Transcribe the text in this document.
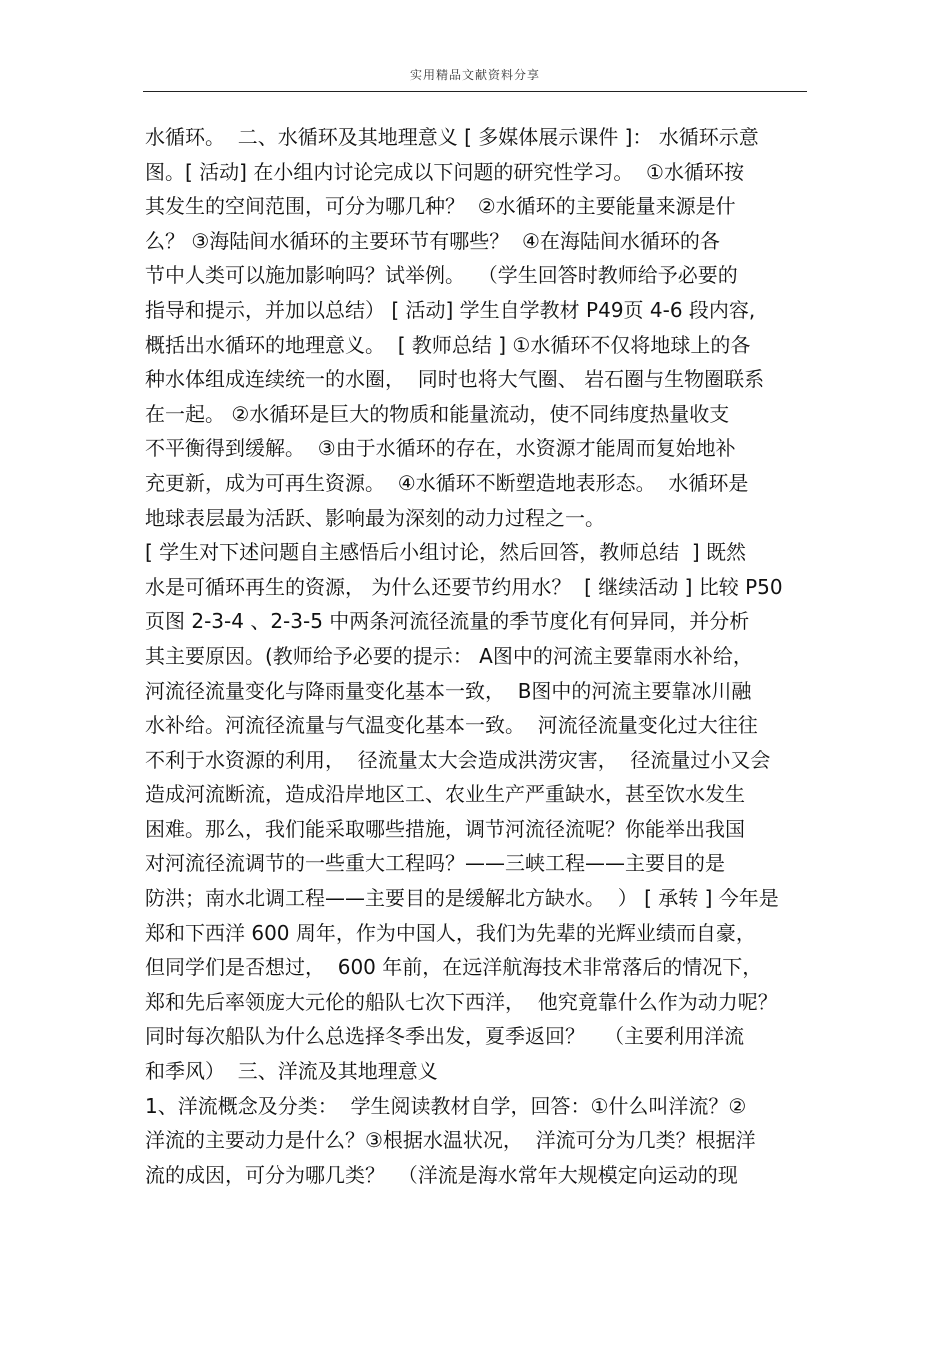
实用精品文献资料分享
水循环。  二、水循环及其地理意义 [ 多媒体展示课件 ]： 水循环示意
图。[ 活动] 在小组内讨论完成以下问题的研究性学习。  ①水循环按
其发生的空间范围，可分为哪几种？  ②水循环的主要能量来源是什
么？ ③海陆间水循环的主要环节有哪些？  ④在海陆间水循环的各
节中人类可以施加影响吗？试举例。  （学生回答时教师给予必要的
指导和提示，并加以总结） [ 活动] 学生自学教材 P49页 4-6 段内容,
概括出水循环的地理意义。  [ 教师总结 ] ①水循环不仅将地球上的各
种水体组成连续统一的水圈，  同时也将大气圈、 岩石圈与生物圈联系
在一起。 ②水循环是巨大的物质和能量流动，使不同纬度热量收支
不平衡得到缓解。  ③由于水循环的存在，水资源才能周而复始地补
充更新，成为可再生资源。  ④水循环不断塑造地表形态。  水循环是
地球表层最为活跃、影响最为深刻的动力过程之一。
[ 学生对下述问题自主感悟后小组讨论，然后回答，教师总结  ] 既然
水是可循环再生的资源， 为什么还要节约用水？  [ 继续活动 ] 比较 P50
页图 2-3-4 、2-3-5 中两条河流径流量的季节度化有何异同，并分析
其主要原因。(教师给予必要的提示： A图中的河流主要靠雨水补给，
河流径流量变化与降雨量变化基本一致，  B图中的河流主要靠冰川融
水补给。河流径流量与气温变化基本一致。  河流径流量变化过大往往
不利于水资源的利用，  径流量太大会造成洪涝灾害，  径流量过小又会
造成河流断流，造成沿岸地区工、农业生产严重缺水，甚至饮水发生
困难。那么，我们能采取哪些措施，调节河流径流呢？你能举出我国
对河流径流调节的一些重大工程吗？——三峡工程——主要目的是
防洪；南水北调工程——主要目的是缓解北方缺水。  ） [ 承转 ] 今年是
郑和下西洋 600 周年，作为中国人，我们为先辈的光辉业绩而自豪，
但同学们是否想过，  600 年前，在远洋航海技术非常落后的情况下，
郑和先后率领庞大元伦的船队七次下西洋，  他究竟靠什么作为动力呢？
同时每次船队为什么总选择冬季出发，夏季返回？   （主要利用洋流
和季风）  三、洋流及其地理意义
1、洋流概念及分类：  学生阅读教材自学，回答：①什么叫洋流？②
洋流的主要动力是什么？③根据水温状况，  洋流可分为几类？根据洋
流的成因，可分为哪几类？  （洋流是海水常年大规模定向运动的现
